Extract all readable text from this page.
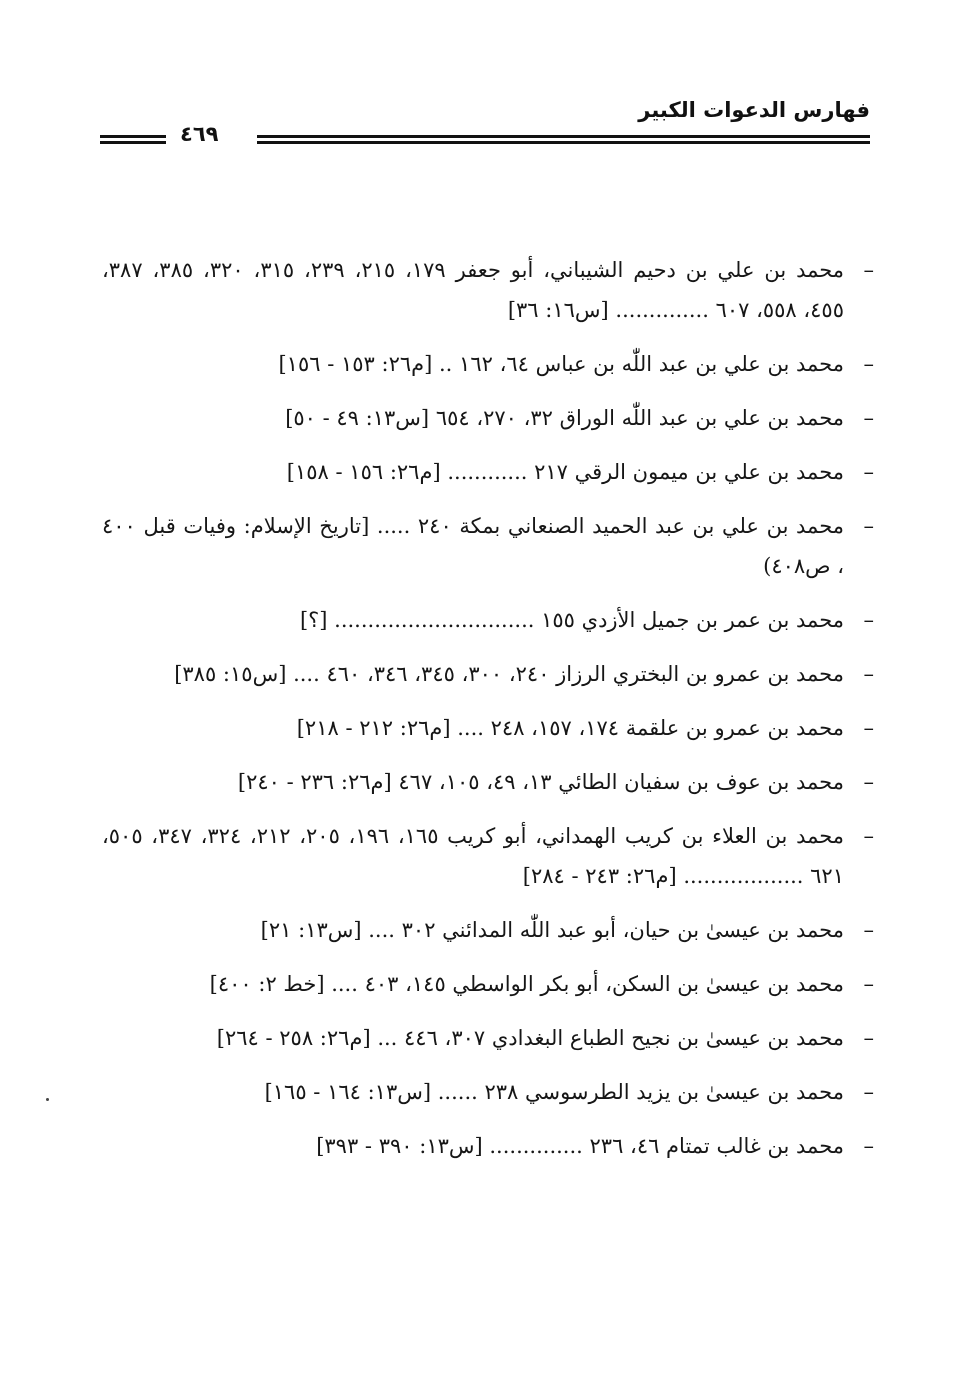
٤٦٩
فهارس الدعوات الكبير
–
محمد بن علي بن دحيم الشيباني، أبو جعفر ١٧٩، ٢١٥، ٢٣٩، ٣١٥، ٣٢٠، ٣٨٥، ٣٨٧، ٤٥٥، ٥٥٨، ٦٠٧ .............. [س١٦: ٣٦]
–
محمد بن علي بن عبد اللّٰه بن عباس ٦٤، ١٦٢ .. [م٢٦: ١٥٣ - ١٥٦]
–
محمد بن علي بن عبد اللّٰه الوراق ٣٢، ٢٧٠، ٦٥٤ [س١٣: ٤٩ - ٥٠]
–
محمد بن علي بن ميمون الرقي ٢١٧ ............ [م٢٦: ١٥٦ - ١٥٨]
–
محمد بن علي بن عبد الحميد الصنعاني بمكة ٢٤٠ ..... [تاريخ الإسلام: وفيات قبل ٤٠٠ ، ص٤٠٨)
–
محمد بن عمر بن جميل الأزدي ١٥٥ .............................. [؟]
–
محمد بن عمرو بن البختري الرزاز ٢٤٠، ٣٠٠، ٣٤٥، ٣٤٦، ٤٦٠ .... [س١٥: ٣٨٥]
–
محمد بن عمرو بن علقمة ١٧٤، ١٥٧، ٢٤٨ .... [م٢٦: ٢١٢ - ٢١٨]
–
محمد بن عوف بن سفيان الطائي ١٣، ٤٩، ١٠٥، ٤٦٧ [م٢٦: ٢٣٦ - ٢٤٠]
–
محمد بن العلاء بن كريب الهمداني، أبو كريب ١٦٥، ١٩٦، ٢٠٥، ٢١٢، ٣٢٤، ٣٤٧، ٥٠٥، ٦٢١ .................. [م٢٦: ٢٤٣ - ٢٨٤]
–
محمد بن عيسىٰ بن حيان، أبو عبد اللّٰه المدائني ٣٠٢ .... [س١٣: ٢١]
–
محمد بن عيسىٰ بن السكن، أبو بكر الواسطي ١٤٥، ٤٠٣ .... [خط ٢: ٤٠٠]
–
محمد بن عيسىٰ بن نجيح الطباع البغدادي ٣٠٧، ٤٤٦ ... [م٢٦: ٢٥٨ - ٢٦٤]
–
محمد بن عيسىٰ بن يزيد الطرسوسي ٢٣٨ ...... [س١٣: ١٦٤ - ١٦٥]
–
محمد بن غالب تمتام ٤٦، ٢٣٦ .............. [س١٣: ٣٩٠ - ٣٩٣]
